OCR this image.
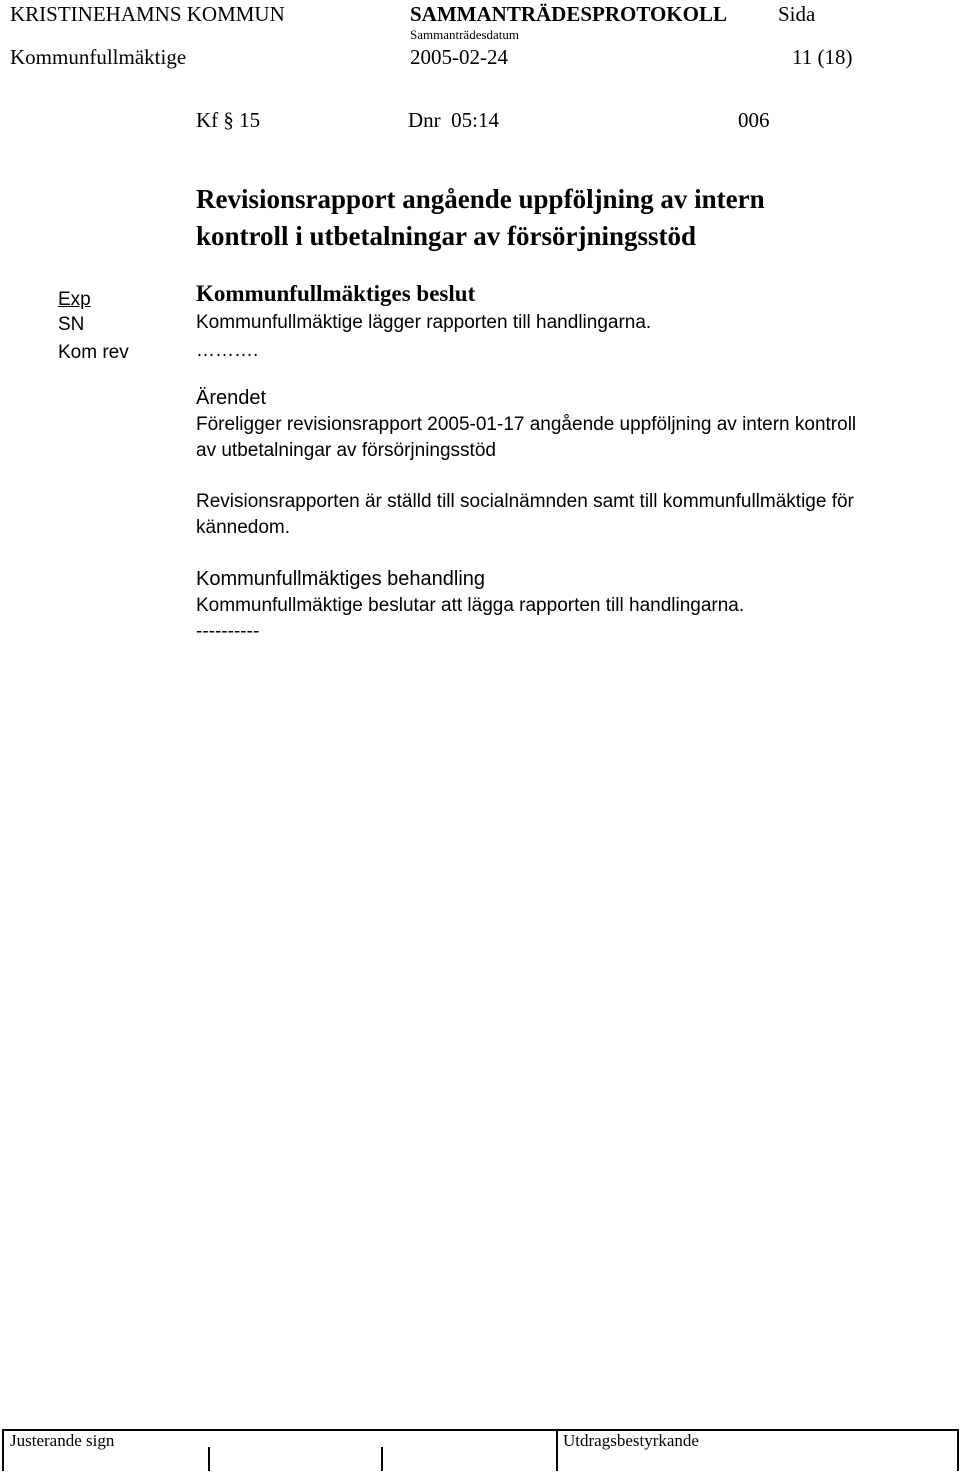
KRISTINEHAMNS KOMMUN	SAMMANTRÄDESPROTOKOLL Sida
Sammanträdesdatum
Kommunfullmäktige	2005-02-24	11 (18)
Kf § 15	Dnr  05:14	006
Revisionsrapport angående uppföljning av intern
kontroll i utbetalningar av försörjningsstöd
Exp
SN
Kom rev
Kommunfullmäktiges beslut
Kommunfullmäktige lägger rapporten till handlingarna.
……….
Ärendet
Föreligger revisionsrapport 2005-01-17 angående uppföljning av intern kontroll
av utbetalningar av försörjningsstöd
Revisionsrapporten är ställd till socialnämnden samt till kommunfullmäktige för
kännedom.
Kommunfullmäktiges behandling
Kommunfullmäktige beslutar att lägga rapporten till handlingarna.
----------
Justerande sign	Utdragsbestyrkande
